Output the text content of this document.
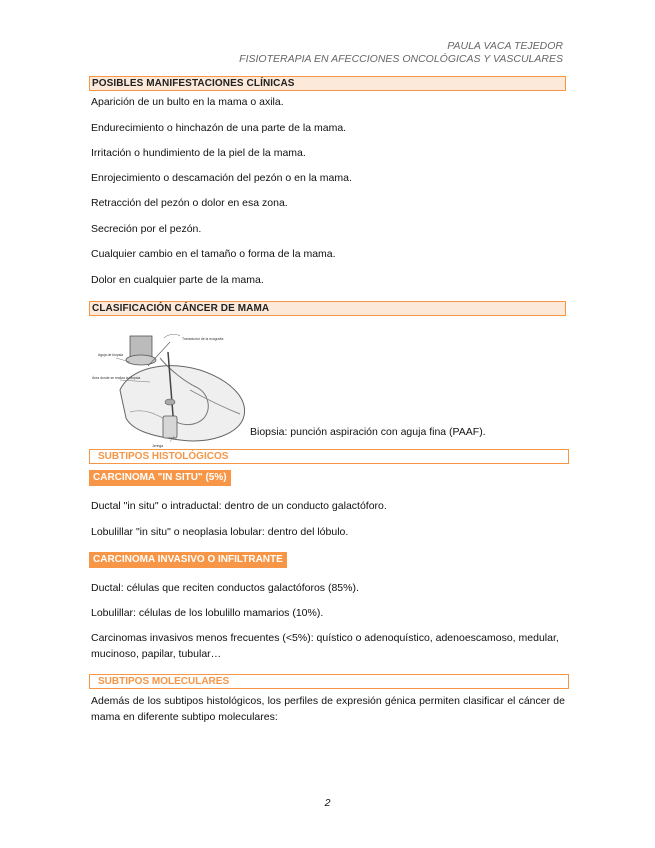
PAULA VACA TEJEDOR
FISIOTERAPIA EN AFECCIONES ONCOLÓGICAS Y VASCULARES
POSIBLES MANIFESTACIONES CLÍNICAS
Aparición de un bulto en la mama o axila.
Endurecimiento o hinchazón de una parte de la mama.
Irritación o hundimiento de la piel de la mama.
Enrojecimiento o descamación del pezón o en la mama.
Retracción del pezón o dolor en esa zona.
Secreción por el pezón.
Cualquier cambio en el tamaño o forma de la mama.
Dolor en cualquier parte de la mama.
CLASIFICACIÓN CÁNCER DE MAMA
Transductor de la ecografía
Aguja de biopsia
Área donde se realiza la biopsia
Jeringa
Biopsia: punción aspiración con aguja fina (PAAF).
SUBTIPOS HISTOLÓGICOS
CARCINOMA "IN SITU" (5%)
Ductal "in situ" o intraductal: dentro de un conducto galactóforo.
Lobulillar "in situ" o neoplasia lobular: dentro del lóbulo.
CARCINOMA INVASIVO O INFILTRANTE
Ductal: células que reciten conductos galactóforos (85%).
Lobulillar: células de los lobulillo mamarios (10%).
Carcinomas invasivos menos frecuentes (<5%): quístico o adenoquístico, adenoescamoso, medular, mucinoso, papilar, tubular…
SUBTIPOS MOLECULARES
Además de los subtipos histológicos, los perfiles de expresión génica permiten clasificar el cáncer de mama en diferente subtipo moleculares:
2
